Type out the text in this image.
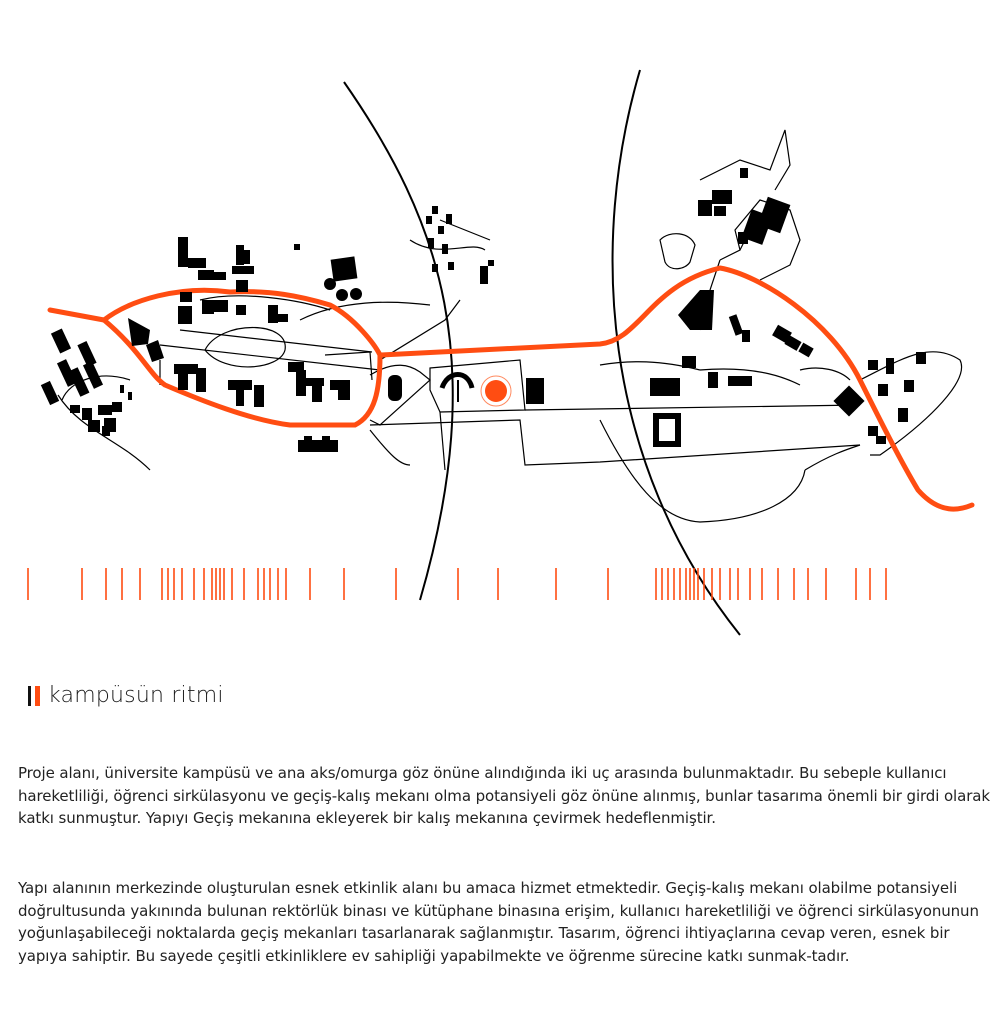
kampüsün ritmi

Proje alanı, üniversite kampüsü ve ana aks/omurga göz önüne alındığında iki uç arasında bulunmaktadır. Bu sebeple kullanıcı hareketliliği, öğrenci sirkülasyonu ve geçiş-kalış mekanı olma potansiyeli göz önüne alınmış, bunlar tasarıma önemli bir girdi olarak katkı sunmuştur. Yapıyı Geçiş mekanına ekleyerek bir kalış mekanına çevirmek hedeflenmiştir.

Yapı alanının merkezinde oluşturulan esnek etkinlik alanı bu amaca hizmet etmektedir. Geçiş-kalış mekanı olabilme potansiyeli doğrultusunda yakınında bulunan rektörlük binası ve kütüphane binasına erişim, kullanıcı hareketliliği ve öğrenci sirkülasyonunun yoğunlaşabileceği noktalarda geçiş mekanları tasarlanarak sağlanmıştır. Tasarım, öğrenci ihtiyaçlarına cevap veren, esnek bir yapıya sahiptir. Bu sayede çeşitli etkinliklere ev sahipliği yapabilmekte ve öğrenme sürecine katkı sunmak-tadır.
